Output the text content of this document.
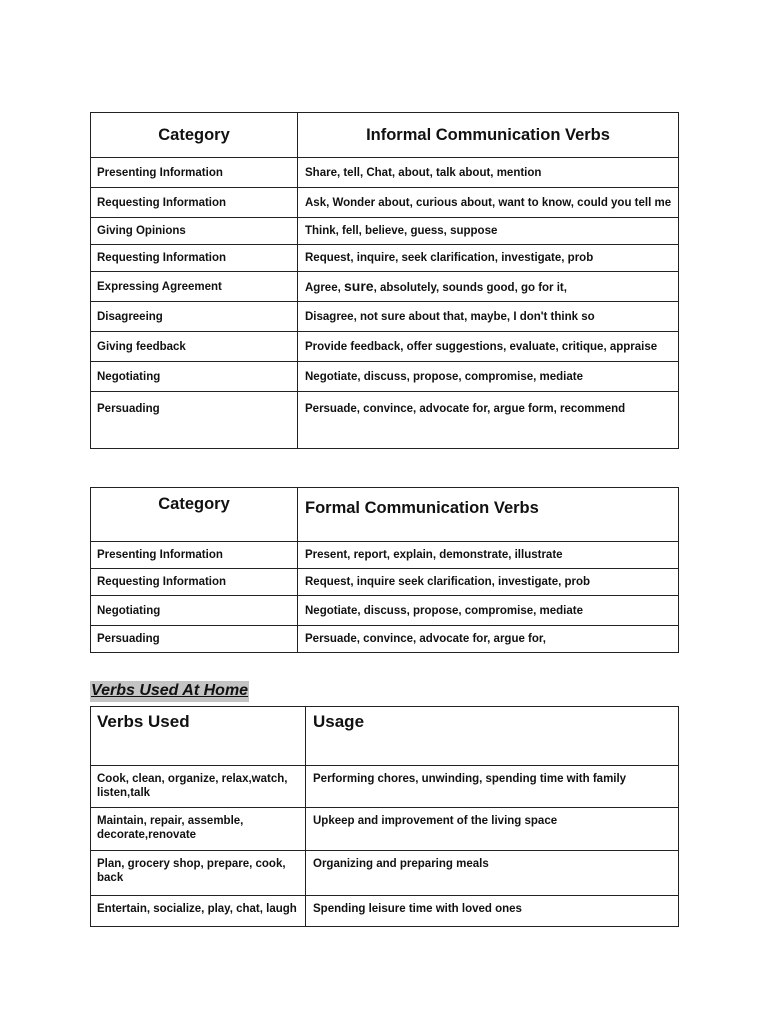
Category	Informal Communication Verbs
Presenting Information	Share, tell, Chat, about, talk about, mention
Requesting Information	Ask, Wonder about, curious about, want to know, could you tell me
Giving Opinions	Think, fell, believe, guess, suppose
Requesting Information	Request, inquire, seek clarification, investigate, prob
Expressing Agreement	Agree, sure, absolutely, sounds good, go for it,
Disagreeing	Disagree, not sure about that, maybe, I don't think so
Giving feedback	Provide feedback, offer suggestions, evaluate, critique, appraise
Negotiating	Negotiate, discuss, propose, compromise, mediate
Persuading	Persuade, convince, advocate for, argue form, recommend
Category	Formal Communication Verbs
Presenting Information	Present, report, explain, demonstrate, illustrate
Requesting Information	Request, inquire seek clarification, investigate, prob
Negotiating	Negotiate, discuss, propose, compromise, mediate
Persuading	Persuade, convince, advocate for, argue for,
Verbs Used At Home
Verbs Used	Usage
Cook, clean, organize, relax,watch, listen,talk	Performing chores, unwinding, spending time with family
Maintain, repair, assemble, decorate,renovate	Upkeep and improvement of the living space
Plan, grocery shop, prepare, cook, back	Organizing and preparing meals
Entertain, socialize, play, chat, laugh	Spending leisure time with loved ones
